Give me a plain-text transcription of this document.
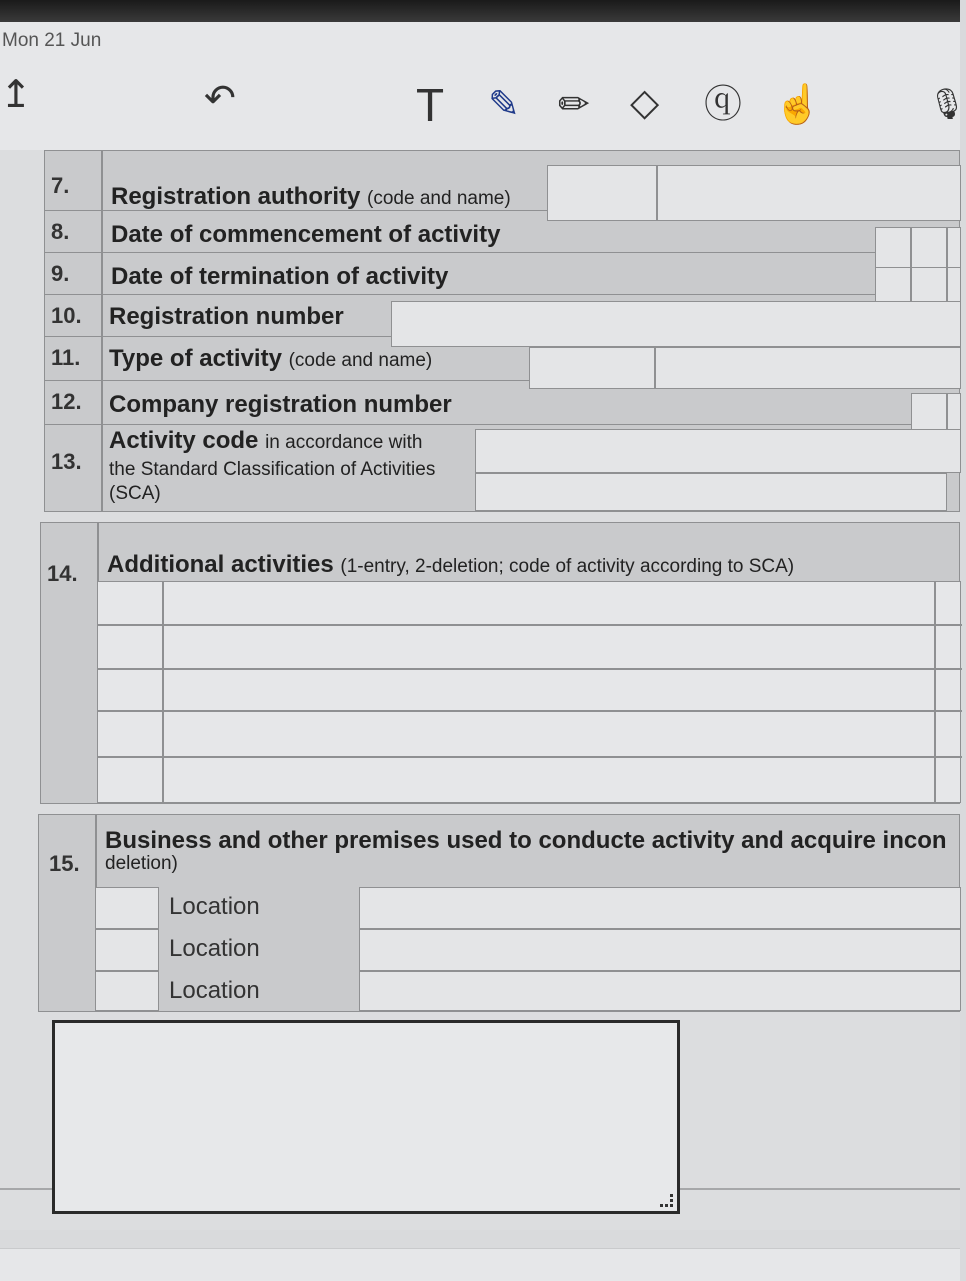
Mon 21 Jun
↥	↶	T ✎ ✏ ◇ ⓠ ☝	🎙
7. Registration authority (code and name)
8. Date of commencement of activity
9. Date of termination of activity
10. Registration number
11. Type of activity (code and name)
12. Company registration number
13.
Activity code in accordance with
the Standard Classification of Activities
(SCA)
14. Additional activities (1-entry, 2-deletion; code of activity according to SCA)
15.
Business and other premises used to conducte activity and acquire incon
deletion)
Location
Location
Location
